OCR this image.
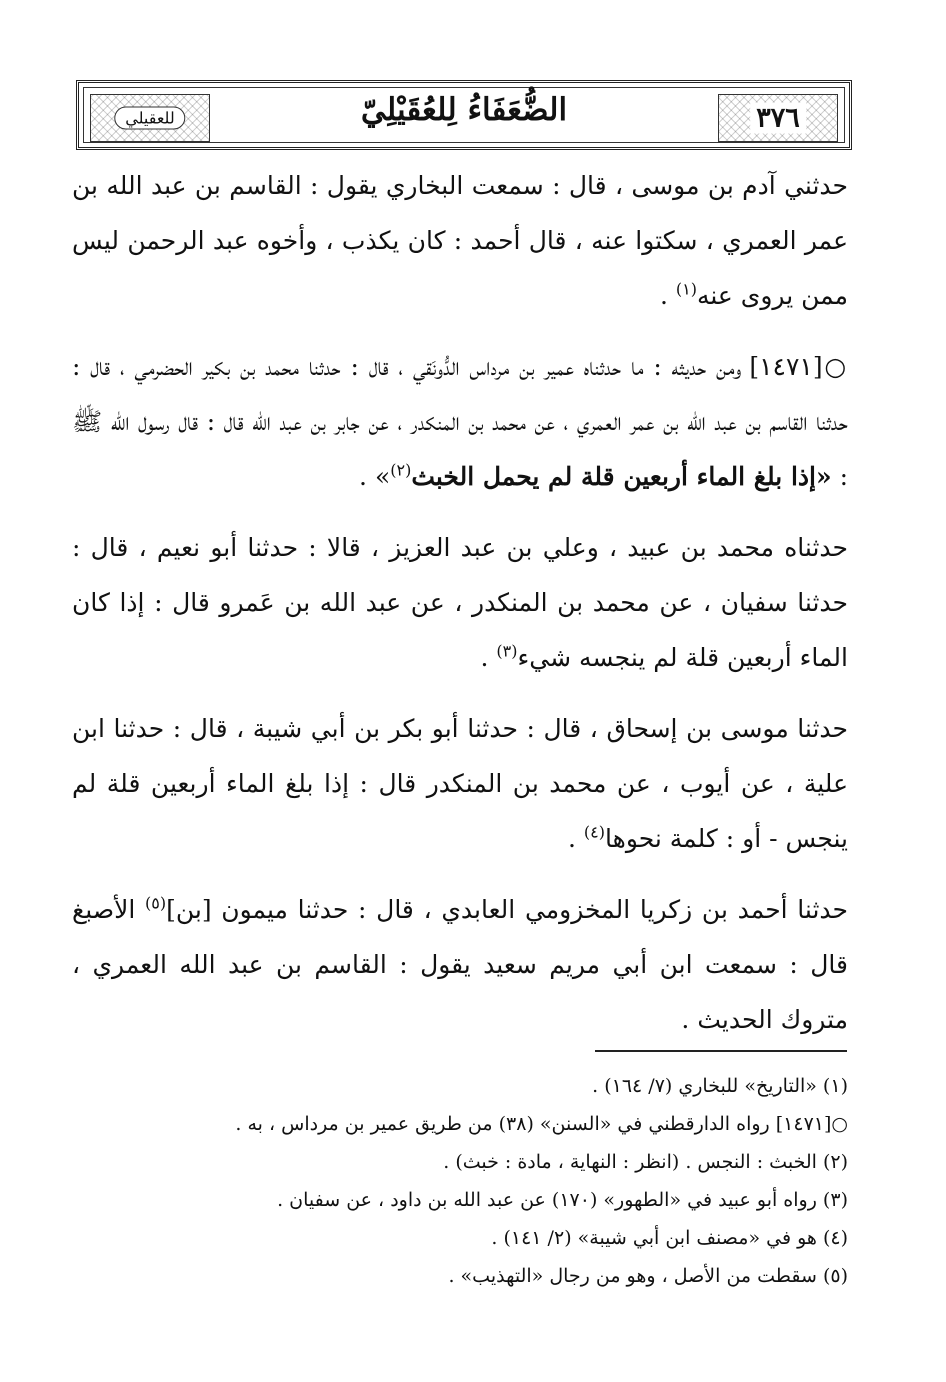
٣٧٦
للعقيلي	الضُّعَفَاءُ لِلعُقَيْلِيّ

حدثني آدم بن موسى ، قال : سمعت البخاري يقول : القاسم بن عبد الله بن عمر العمري ، سكتوا عنه ، قال أحمد : كان يكذب ، وأخوه عبد الرحمن ليس ممن يروى عنه$^{(١)}$ .

○[١٤٧١] ومن حديثه : ما حدثناه عمير بن مرداس الدُّونَقي ، قال : حدثنا محمد بن بكير الحضرمي ، قال : حدثنا القاسم بن عبد الله بن عمر العمري ، عن محمد بن المنكدر ، عن جابر بن عبد الله قال : قال رسول الله ﷺ : «إذا بلغ الماء أربعين قلة لم يحمل الخبث$^{(٢)}$» .

حدثناه محمد بن عبيد ، وعلي بن عبد العزيز ، قالا : حدثنا أبو نعيم ، قال : حدثنا سفيان ، عن محمد بن المنكدر ، عن عبد الله بن عَمرو قال : إذا كان الماء أربعين قلة لم ينجسه شيء$^{(٣)}$ .

حدثنا موسى بن إسحاق ، قال : حدثنا أبو بكر بن أبي شيبة ، قال : حدثنا ابن علية ، عن أيوب ، عن محمد بن المنكدر قال : إذا بلغ الماء أربعين قلة لم ينجس - أو : كلمة نحوها$^{(٤)}$ .

حدثنا أحمد بن زكريا المخزومي العابدي ، قال : حدثنا ميمون [بن]$^{(٥)}$ الأصبغ قال : سمعت ابن أبي مريم سعيد يقول : القاسم بن عبد الله العمري ، متروك الحديث .

(١) «التاريخ» للبخاري (٧/ ١٦٤) .

○[١٤٧١] رواه الدارقطني في «السنن» (٣٨) من طريق عمير بن مرداس ، به .

(٢) الخبث : النجس . (انظر : النهاية ، مادة : خبث) .

(٣) رواه أبو عبيد في «الطهور» (١٧٠) عن عبد الله بن داود ، عن سفيان .

(٤) هو في «مصنف ابن أبي شيبة» (٢/ ١٤١) .

(٥) سقطت من الأصل ، وهو من رجال «التهذيب» .
